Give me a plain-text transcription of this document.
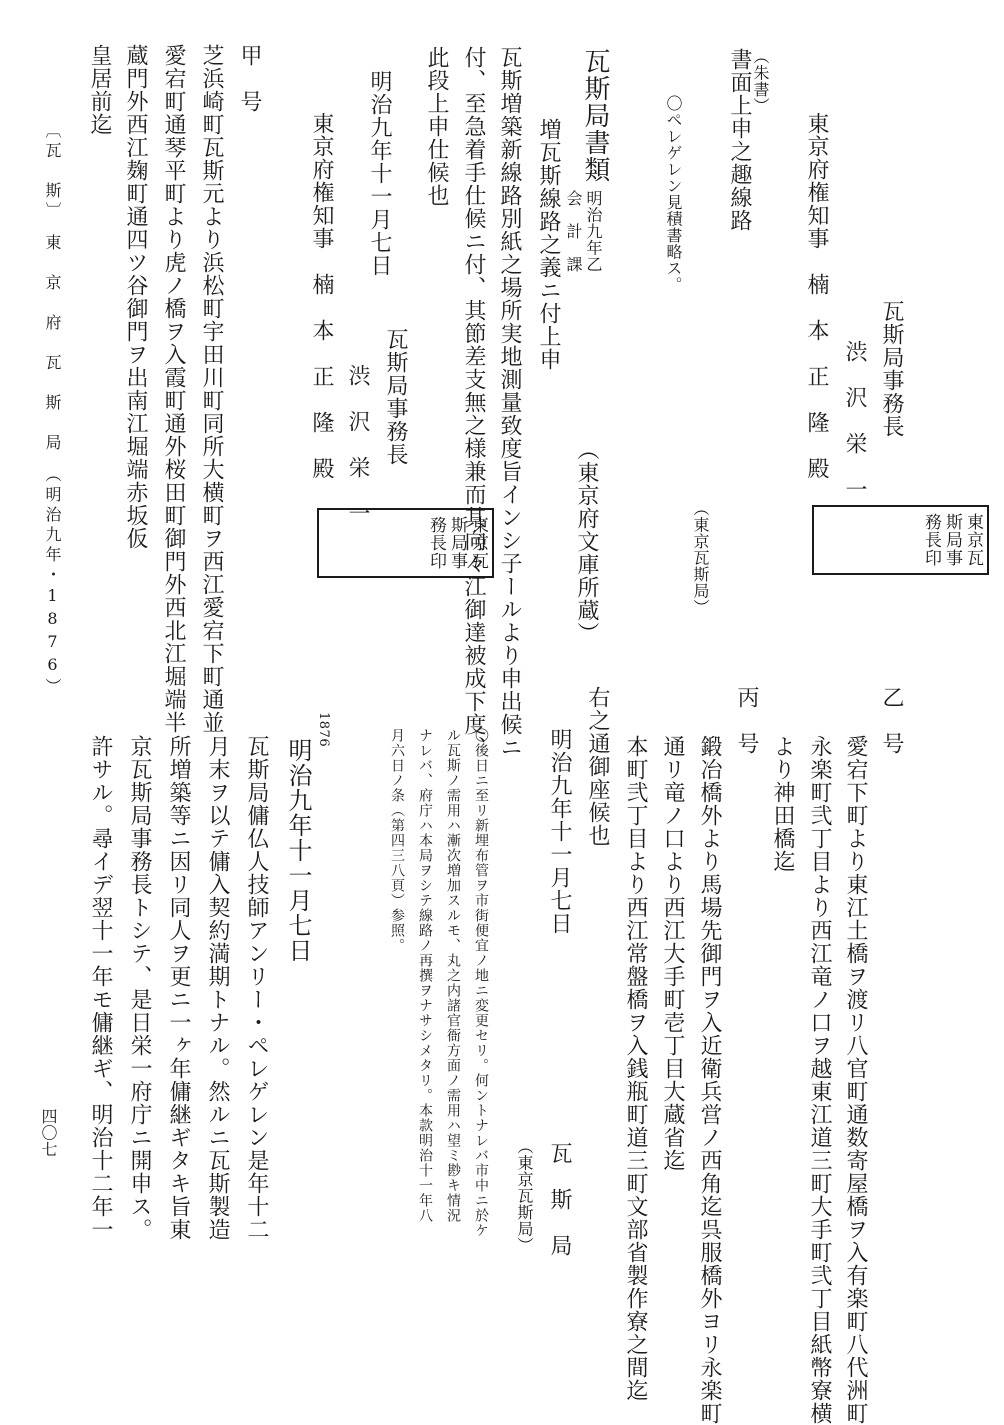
瓦斯局事務長
渋　沢　栄　一
東京瓦
斯局事
務長印
東京府権知事　楠　本　正　隆　殿
（朱書）
書面上申之趣線路
〇ペレゲレン見積書略ス。
（東京瓦斯局）
瓦斯局書類
明治九年乙
会　計　課
（東京府文庫所蔵）
増瓦斯線路之義ニ付上申
瓦斯増築新線路別紙之場所実地測量致度旨インシ子ールより申出候ニ
付、至急着手仕候ニ付、其節差支無之様兼而其向々江御達被成下度、
此段上申仕候也
明治九年十一月七日
瓦斯局事務長
渋　沢　栄　一
東京瓦
斯局事
務長印
東京府権知事　楠　本　正　隆　殿
甲　号
芝浜崎町瓦斯元より浜松町宇田川町同所大横町ヲ西江愛宕下町通並
愛宕町通琴平町より虎ノ橋ヲ入霞町通外桜田町御門外西北江堀端半
蔵門外西江麹町通四ツ谷御門ヲ出南江堀端赤坂仮
皇居前迄
〔瓦　斯〕　東　京　府　瓦　斯　局　（明治九年・1876）
乙　号
愛宕下町より東江土橋ヲ渡リ八官町通数寄屋橋ヲ入有楽町八代洲町
永楽町弐丁目より西江竜ノ口ヲ越東江道三町大手町弐丁目紙幣寮横
より神田橋迄
丙　号
鍛冶橋外より馬場先御門ヲ入近衛兵営ノ西角迄呉服橋外ヨリ永楽町
通リ竜ノ口より西江大手町壱丁目大蔵省迄
本町弐丁目より西江常盤橋ヲ入銭瓶町道三町文部省製作寮之間迄
右之通御座候也
明治九年十一月七日
瓦　斯　局
（東京瓦斯局）
〇後日ニ至リ新埋布管ヲ市街便宜ノ地ニ変更セリ。何ントナレバ市中ニ於ケ
ル瓦斯ノ需用ハ漸次増加スルモ、丸之内諸官衙方面ノ需用ハ望ミ尠キ情況
ナレバ、府庁ハ本局ヲシテ線路ノ再撰ヲナサシメタリ。本款明治十一年八
月六日ノ条（第四三八頁）参照。
1876
明治九年十一月七日
瓦斯局傭仏人技師アンリー・ペレゲレン是年十二
月末ヲ以テ傭入契約満期トナル。然ルニ瓦斯製造
所増築等ニ因リ同人ヲ更ニ一ヶ年傭継ギタキ旨東
京瓦斯局事務長トシテ、是日栄一府庁ニ開申ス。
許サル。尋イデ翌十一年モ傭継ギ、明治十二年一
四〇七
